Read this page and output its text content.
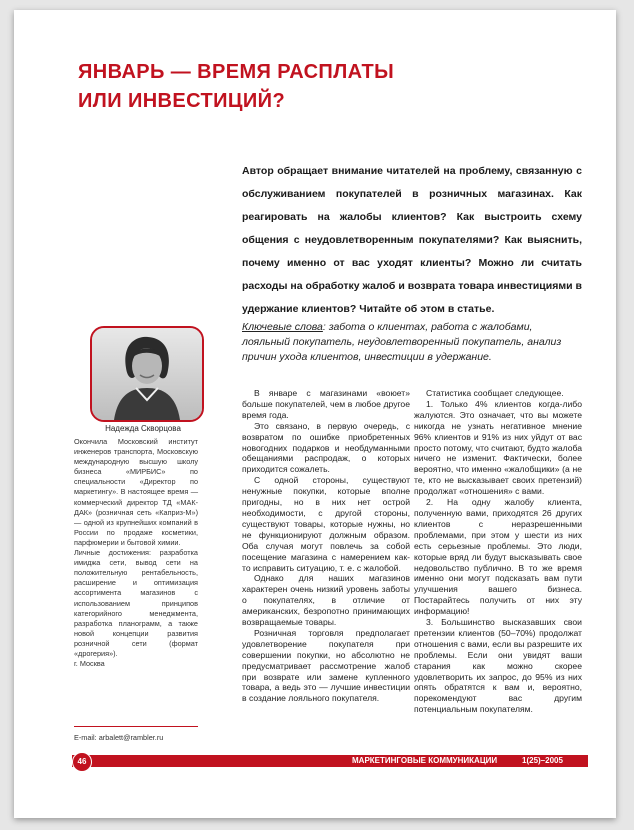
ЯНВАРЬ — ВРЕМЯ РАСПЛАТЫ
ИЛИ ИНВЕСТИЦИЙ?
Автор обращает внимание читателей на проблему, связанную с обслуживанием покупателей в розничных магазинах. Как реагировать на жалобы клиентов? Как выстроить схему общения с неудовлетворенным покупателями? Как выяснить, почему именно от вас уходят клиенты? Можно ли считать расходы на обработку жалоб и возврата товара инвестициями в удержание клиентов? Читайте об этом в статье.
Ключевые слова: забота о клиентах, работа с жалобами, лояльный покупатель, неудовлетворенный покупатель, анализ причин ухода клиентов, инвестиции в удержание.
Надежда Скворцова

Окончила Московский институт инженеров транспорта, Московскую международную высшую школу бизнеса «МИРБИС» по специальности «Директор по маркетингу». В настоящее время — коммерческий директор ТД «МАК-ДАК» (розничная сеть «Каприз-М») — одной из крупнейших компаний в России по продаже косметики, парфюмерии и бытовой химии.

Личные достижения: разработка имиджа сети, вывод сети на положительную рентабельность, расширение и оптимизация ассортимента магазинов с использованием принципов категорийного менеджмента, разработка планограмм, а также новой концепции развития розничной сети (формат «дрогерия»).

г. Москва

E-mail: arbalett@rambler.ru

В январе с магазинами «воюет» больше покупателей, чем в любое другое время года.

Это связано, в первую очередь, с возвратом по ошибке приобретенных новогодних подарков и необдуманными обещаниями распродаж, о которых приходится сожалеть.

С одной стороны, существуют ненужные покупки, которые вполне пригодны, но в них нет острой необходимости, с другой стороны, существуют товары, которые нужны, но не функционируют должным образом. Оба случая могут повлечь за собой посещение магазина с намерением как-то исправить ситуацию, т. е. с жалобой.

Однако для наших магазинов характерен очень низкий уровень заботы о покупателях, в отличие от американских, безропотно принимающих возвращаемые товары.

Розничная торговля предполагает удовлетворение покупателя при совершении покупки, но абсолютно не предусматривает рассмотрение жалоб при возврате или замене купленного товара, а ведь это — лучшие инвестиции в создание лояльного покупателя.

Статистика сообщает следующее.

1. Только 4% клиентов когда-либо жалуются. Это означает, что вы можете никогда не узнать негативное мнение 96% клиентов и 91% из них уйдут от вас просто потому, что считают, будто жалоба ничего не изменит. Фактически, более вероятно, что именно «жалобщики» (а не те, кто не высказывает своих претензий) продолжат «отношения» с вами.

2. На одну жалобу клиента, полученную вами, приходятся 26 других клиентов с неразрешенными проблемами, при этом у шести из них есть серьезные проблемы. Это люди, которые вряд ли будут высказывать свое недовольство публично. В то же время именно они могут подсказать вам пути улучшения вашего бизнеса. Постарайтесь получить от них эту информацию!

3. Большинство высказавших свои претензии клиентов (50–70%) продолжат отношения с вами, если вы разрешите их проблемы. Если они увидят ваши старания как можно скорее удовлетворить их запрос, до 95% из них опять обратятся к вам и, вероятно, порекомендуют вас другим потенциальным покупателям.

46	МАРКЕТИНГОВЫЕ КОММУНИКАЦИИ	1(25)–2005
